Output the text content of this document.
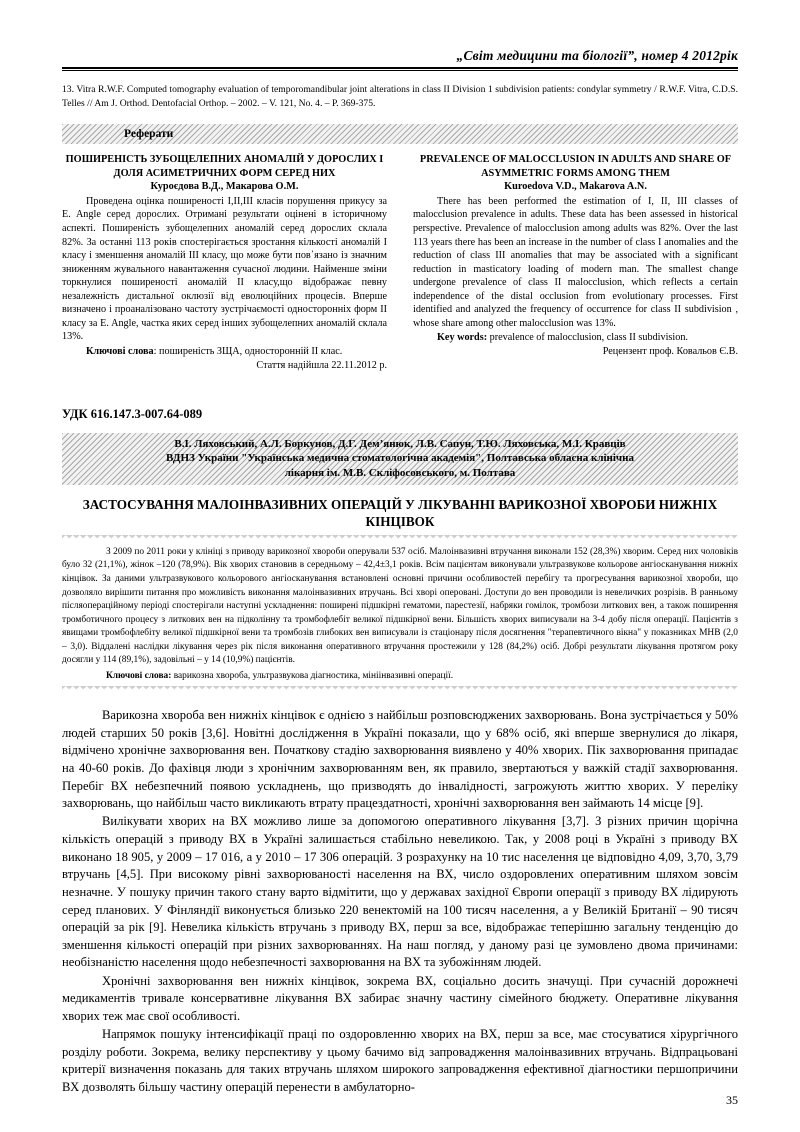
„Світ медицини та біології”, номер 4 2012рік
13. Vitra R.W.F. Computed tomography evaluation of temporomandibular joint alterations in class II Division 1 subdivision patients: condylar symmetry / R.W.F. Vitra, C.D.S. Telles // Am J. Orthod. Dentofacial Orthop. – 2002. – V. 121, No. 4. – P. 369-375.
Реферати
ПОШИРЕНІСТЬ ЗУБОЩЕЛЕПНИХ АНОМАЛІЙ У ДОРОСЛИХ І ДОЛЯ АСИМЕТРИЧНИХ ФОРМ СЕРЕД НИХ
Куроєдова В.Д., Макарова О.М.
Проведена оцінка поширеності I,II,III класів порушення прикусу за E. Angle серед дорослих. Отримані результати оцінені в історичному аспекті. Поширеність зубощелепних аномалій серед дорослих склала 82%. За останні 113 років спостерігається зростання кількості аномалій I класу і зменшення аномалій III класу, що може бути пов᾽язано із значним зниженням жувального навантаження сучасної людини. Найменше зміни торкнулися поширеності аномалій II класу,що відображає певну незалежність дистальної оклюзії від еволюційних процесів. Вперше визначено і проаналізовано частоту зустрічаємості односторонніх форм II класу за E. Angle, частка яких серед інших зубощелепних аномалій склала 13%.
Ключові слова: поширеність ЗЩА, односторонній II клас.
Стаття надійшла 22.11.2012 р.
PREVALENCE OF MALOCCLUSION IN ADULTS AND SHARE OF ASYMMETRIC FORMS AMONG THEM
Kuroedova V.D., Makarova A.N.
There has been performed the estimation of I, II, III classes of malocclusion prevalence in adults. These data has been assessed in historical perspective. Prevalence of malocclusion among adults was 82%. Over the last 113 years there has been an increase in the number of class I anomalies and the reduction of class III anomalies that may be associated with a significant reduction in masticatory loading of modern man. The smallest change undergone prevalence of class II malocclusion, which reflects a certain independence of the distal occlusion from evolutionary processes. First identified and analyzed the frequency of occurrence for class II subdivision , whose share among other malocclusion was 13%.
Key words: prevalence of malocclusion, class II subdivision.
Рецензент проф. Ковальов Є.В.
УДК 616.147.3-007.64-089
В.І. Ляховський, А.Л. Боркунов, Д.Г. Дем’янюк, Л.В. Сапун, Т.Ю. Ляховська, М.І. Кравців
ВДНЗ України "Українська медична стоматологічна академія", Полтавська обласна клінічна
лікарня ім. М.В. Скліфосовського, м. Полтава
ЗАСТОСУВАННЯ МАЛОІНВАЗИВНИХ ОПЕРАЦІЙ У ЛІКУВАННІ ВАРИКОЗНОЇ ХВОРОБИ НИЖНІХ КІНЦІВОК
З 2009 по 2011 роки у клініці з приводу варикозної хвороби оперували 537 осіб. Малоінвазивні втручання виконали 152 (28,3%) хворим. Серед них чоловіків було 32 (21,1%), жінок –120 (78,9%). Вік хворих становив в середньому – 42,4±3,1 років. Всім пацієнтам виконували ультразвукове кольорове ангіосканування нижніх кінцівок. За даними ультразвукового кольорового ангіосканування встановлені основні причини особливостей перебігу та прогресування варикозної хвороби, що дозволяло вирішити питання про можливість виконання малоінвазивних втручань. Всі хворі оперовані. Доступи до вен проводили із невеличких розрізів. В ранньому післяопераційному періоді спостерігали наступні ускладнення: поширені підшкірні гематоми, парестезії, набряки гомілок, тромбози литкових вен, а також поширення тромботичного процесу з литкових вен на підколінну та тромбофлебіт великої підшкірної вени. Більшість хворих виписували на 3-4 добу після операції. Пацієнтів з явищами тромбофлебіту великої підшкірної вени та тромбозів глибоких вен виписували із стаціонару після досягнення "терапевтичного вікна" у показниках МНВ (2,0 – 3,0). Віддалені наслідки лікування через рік після виконання оперативного втручання простежили у 128 (84,2%) осіб. Добрі результати лікування протягом року досягли у 114 (89,1%), задовільні – у 14 (10,9%) пацієнтів.
Ключові слова: варикозна хвороба, ультразвукова діагностика, мініінвазивні операції.

Варикозна хвороба вен нижніх кінцівок є однією з найбільш розповсюджених захворювань. Вона зустрічається у 50% людей старших 50 років [3,6]. Новітні дослідження в Україні показали, що у 68% осіб, які вперше звернулися до лікаря, відмічено хронічне захворювання вен. Початкову стадію захворювання виявлено у 40% хворих. Пік захворювання припадає на 40-60 років. До фахівця люди з хронічним захворюванням вен, як правило, звертаються у важкій стадії захворювання. Перебіг ВХ небезпечний появою ускладнень, що призводять до інвалідності, загрожують життю хворих. У переліку захворювань, що найбільш часто викликають втрату працездатності, хронічні захворювання вен займають 14 місце [9].

Вилікувати хворих на ВХ можливо лише за допомогою оперативного лікування [3,7]. З різних причин щорічна кількість операцій з приводу ВХ в Україні залишається стабільно невеликою. Так, у 2008 році в Україні з приводу ВХ виконано 18 905, у 2009 – 17 016, а у 2010 – 17 306 операцій. З розрахунку на 10 тис населення це відповідно 4,09, 3,70, 3,79 втручань [4,5]. При високому рівні захворюваності населення на ВХ, число оздоровлених оперативним шляхом зовсім незначне. У пошуку причин такого стану варто відмітити, що у державах західної Європи операції з приводу ВХ лідирують серед планових. У Фінляндії виконується близько 220 венектомій на 100 тисяч населення, а у Великій Британії – 90 тисяч операцій за рік [9]. Невелика кількість втручань з приводу ВХ, перш за все, відображає теперішню загальну тенденцію до зменшення кількості операцій при різних захворюваннях. На наш погляд, у даному разі це зумовлено двома причинами: необізнаністю населення щодо небезпечності захворювання на ВХ та зубожінням людей.

Хронічні захворювання вен нижніх кінцівок, зокрема ВХ, соціально досить значущі. При сучасній дорожнечі медикаментів тривале консервативне лікування ВХ забирає значну частину сімейного бюджету. Оперативне лікування хворих теж має свої особливості.

Напрямок пошуку інтенсифікації праці по оздоровленню хворих на ВХ, перш за все, має стосуватися хірургічного розділу роботи. Зокрема, велику перспективу у цьому бачимо від запровадження малоінвазивних втручань. Відпрацьовані критерії визначення показань для таких втручань шляхом широкого запровадження ефективної діагностики першопричини ВХ дозволять більшу частину операцій перенести в амбулаторно-

35
